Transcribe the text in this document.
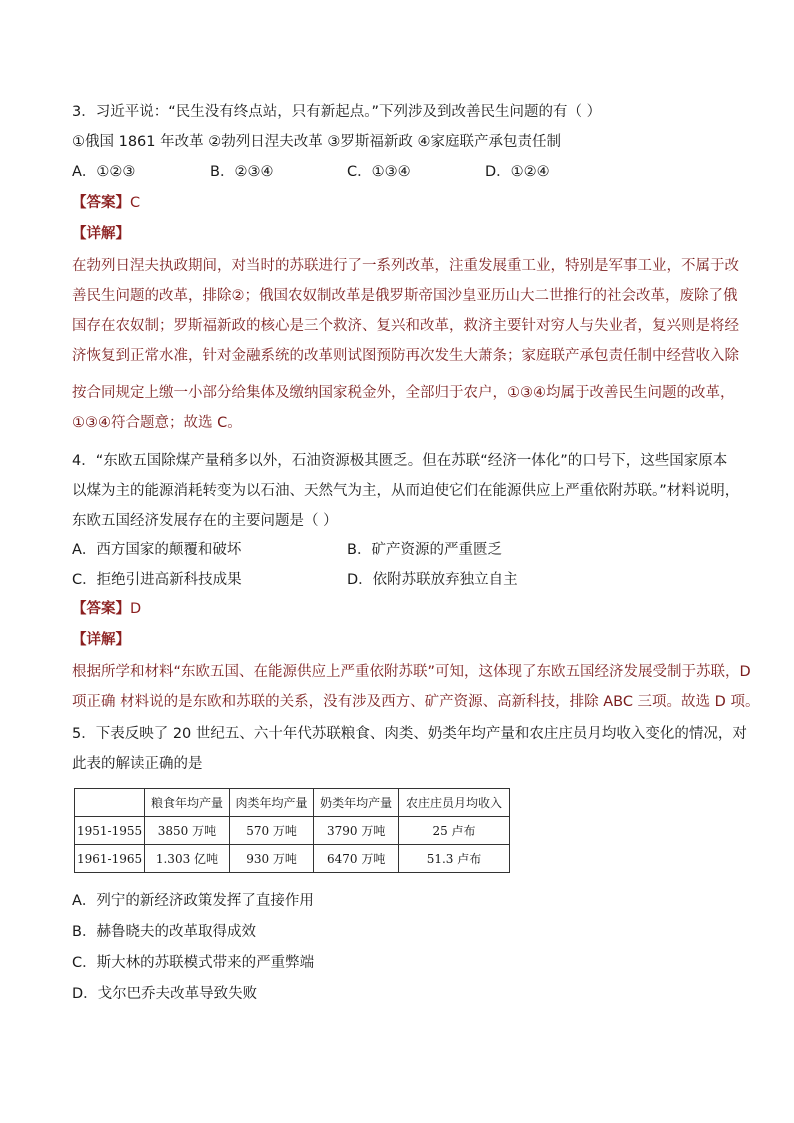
3．习近平说：“民生没有终点站，只有新起点。”下列涉及到改善民生问题的有（ ）
①俄国 1861 年改革 ②勃列日涅夫改革 ③罗斯福新政 ④家庭联产承包责任制
A．①②③	B．②③④	C．①③④	D．①②④
【答案】C
【详解】
在勃列日涅夫执政期间，对当时的苏联进行了一系列改革，注重发展重工业，特别是军事工业，不属于改
善民生问题的改革，排除②；俄国农奴制改革是俄罗斯帝国沙皇亚历山大二世推行的社会改革，废除了俄
国存在农奴制；罗斯福新政的核心是三个救济、复兴和改革，救济主要针对穷人与失业者，复兴则是将经
济恢复到正常水准，针对金融系统的改革则试图预防再次发生大萧条；家庭联产承包责任制中经营收入除
按合同规定上缴一小部分给集体及缴纳国家税金外，全部归于农户，①③④均属于改善民生问题的改革，
①③④符合题意；故选 C。
4．“东欧五国除煤产量稍多以外，石油资源极其匮乏。但在苏联“经济一体化”的口号下，这些国家原本
以煤为主的能源消耗转变为以石油、天然气为主，从而迫使它们在能源供应上严重依附苏联。”材料说明，
东欧五国经济发展存在的主要问题是（ ）
A．西方国家的颠覆和破坏	B．矿产资源的严重匮乏
C．拒绝引进高新科技成果	D．依附苏联放弃独立自主
【答案】D
【详解】
根据所学和材料“东欧五国、在能源供应上严重依附苏联”可知，这体现了东欧五国经济发展受制于苏联，D
项正确 材料说的是东欧和苏联的关系，没有涉及西方、矿产资源、高新科技，排除 ABC 三项。故选 D 项。
5．下表反映了 20 世纪五、六十年代苏联粮食、肉类、奶类年均产量和农庄庄员月均收入变化的情况，对
此表的解读正确的是
	粮食年均产量	肉类年均产量	奶类年均产量	农庄庄员月均收入
1951-1955	3850 万吨	570 万吨	3790 万吨	25 卢布
1961-1965	1.303 亿吨	930 万吨	6470 万吨	51.3 卢布
A．列宁的新经济政策发挥了直接作用
B．赫鲁晓夫的改革取得成效
C．斯大林的苏联模式带来的严重弊端
D．戈尔巴乔夫改革导致失败
